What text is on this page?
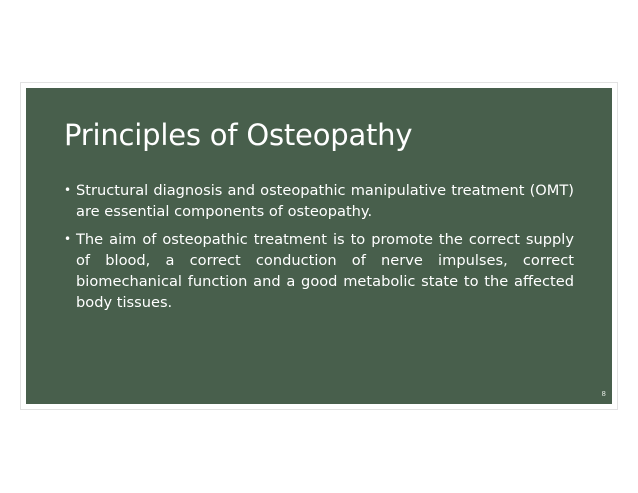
Principles of Osteopathy
• Structural diagnosis and osteopathic manipulative treatment (OMT) are essential components of osteopathy.
• The aim of osteopathic treatment is to promote the correct supply of blood, a correct conduction of nerve impulses, correct biomechanical function and a good metabolic state to the affected body tissues.
8
